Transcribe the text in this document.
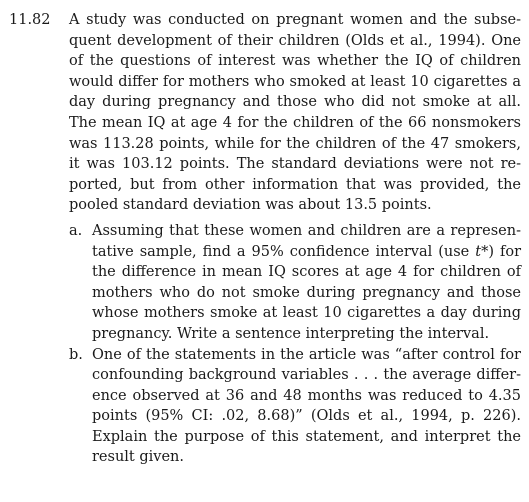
11.82 A study was conducted on pregnant women and the subse-
quent development of their children (Olds et al., 1994). One
of the questions of interest was whether the IQ of children
would differ for mothers who smoked at least 10 cigarettes a
day during pregnancy and those who did not smoke at all.
The mean IQ at age 4 for the children of the 66 nonsmokers
was 113.28 points, while for the children of the 47 smokers,
it was 103.12 points. The standard deviations were not re-
ported, but from other information that was provided, the
pooled standard deviation was about 13.5 points.
a. Assuming that these women and children are a represen-
tative sample, find a 95% confidence interval (use t*) for
the difference in mean IQ scores at age 4 for children of
mothers who do not smoke during pregnancy and those
whose mothers smoke at least 10 cigarettes a day during
pregnancy. Write a sentence interpreting the interval.
b. One of the statements in the article was “after control for
confounding background variables . . . the average differ-
ence observed at 36 and 48 months was reduced to 4.35
points (95% CI: .02, 8.68)” (Olds et al., 1994, p. 226).
Explain the purpose of this statement, and interpret the
result given.
